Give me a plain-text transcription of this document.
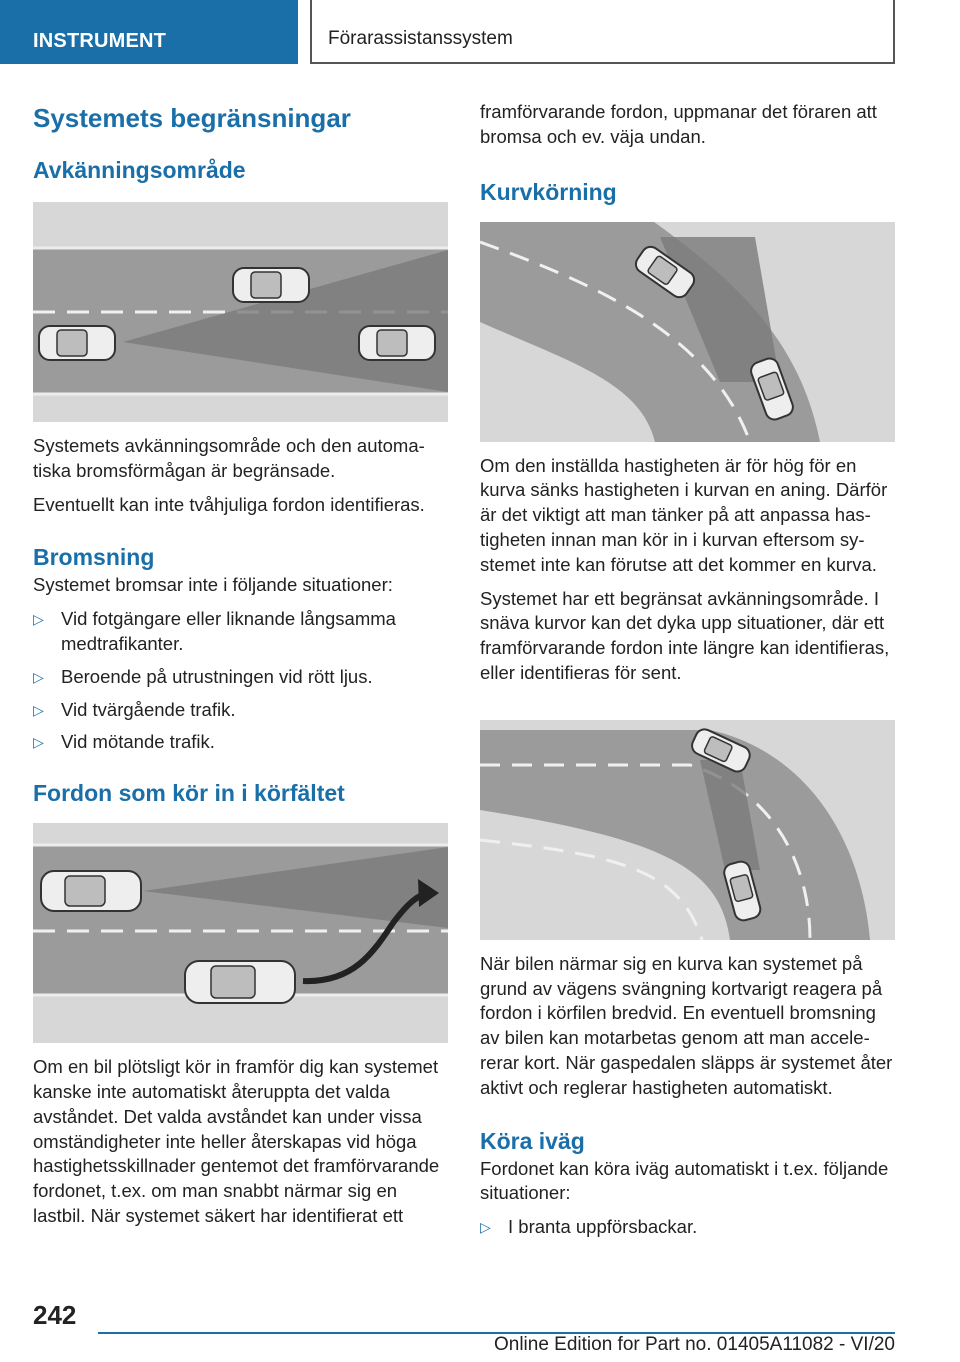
INSTRUMENT	Förarassistanssystem
Systemets begränsningar
Avkänningsområde

Systemets avkänningsområde och den automatiska bromsförmågan är begränsade.

Eventuellt kan inte tvåhjuliga fordon identifieras.

Bromsning

Systemet bromsar inte i följande situationer:

▷ Vid fotgängare eller liknande långsamma medtrafikanter.
▷ Beroende på utrustningen vid rött ljus.
▷ Vid tvärgående trafik.
▷ Vid mötande trafik.
Fordon som kör in i körfältet

Om en bil plötsligt kör in framför dig kan systemet kanske inte automatiskt återuppta det valda avståndet. Det valda avståndet kan under vissa omständigheter inte heller återskapas vid höga hastighetsskillnader gentemot det framförvarande fordonet, t.ex. om man snabbt närmar sig en lastbil. När systemet säkert har identifierat ett

framförvarande fordon, uppmanar det föraren att bromsa och ev. väja undan.

Kurvkörning

Om den inställda hastigheten är för hög för en kurva sänks hastigheten i kurvan en aning. Därför är det viktigt att man tänker på att anpassa hastigheten innan man kör in i kurvan eftersom systemet inte kan förutse att det kommer en kurva.

Systemet har ett begränsat avkänningsområde. I snäva kurvor kan det dyka upp situationer, där ett framförvarande fordon inte längre kan identifieras, eller identifieras för sent.

När bilen närmar sig en kurva kan systemet på grund av vägens svängning kortvarigt reagera på fordon i körfilen bredvid. En eventuell bromsning av bilen kan motarbetas genom att man accelererar kort. När gaspedalen släpps är systemet åter aktivt och reglerar hastigheten automatiskt.

Köra iväg

Fordonet kan köra iväg automatiskt i t.ex. följande situationer:

▷ I branta uppförsbackar.
242
Online Edition for Part no. 01405A11082 - VI/20
